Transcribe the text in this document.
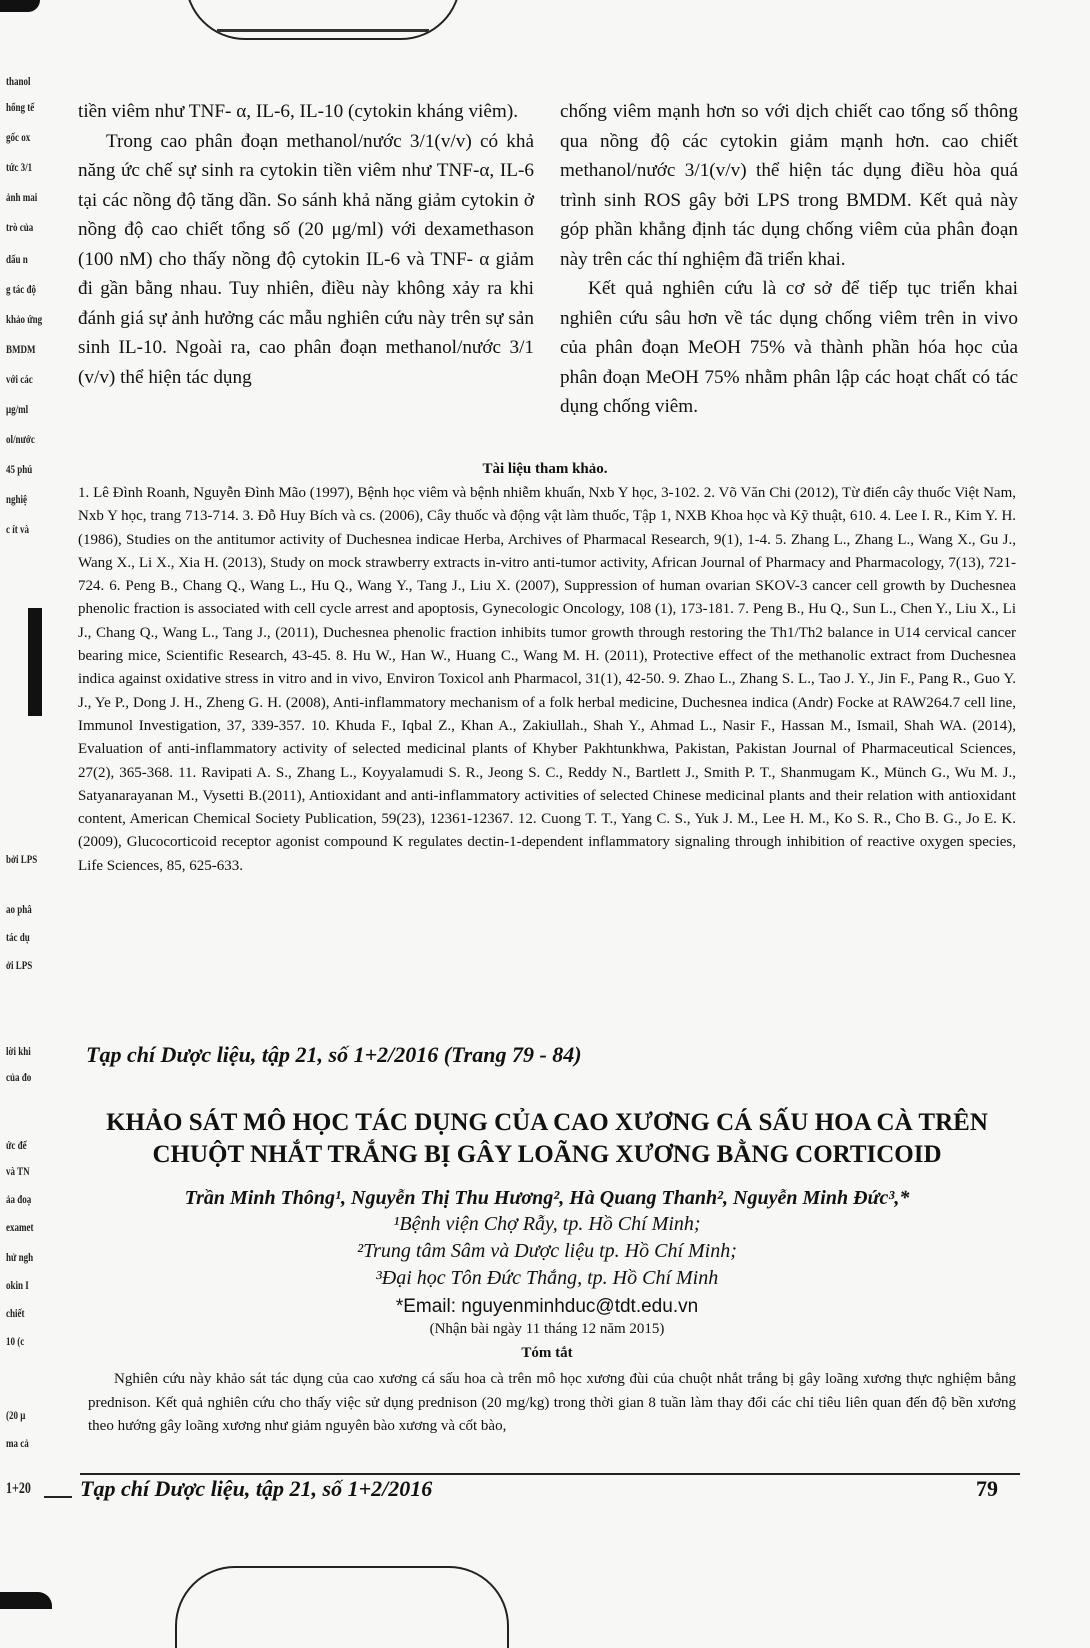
thanol
hổng tế
gốc ox
tức 3/1
ảnh mai
trò của
dấu n
g tác độ
khảo ứng
BMDM
với các
μg/ml
ol/nước
45 phú
nghiệ
c ít và
bởi LPS
ao phâ
tác dụ
ởi LPS
lời khi
của đo
ức đế
và TN
ảa đoạ
examet
hử ngh
okin I
chiết
10 (c
(20 μ
ma cả
1+20

tiền viêm như TNF- α, IL-6, IL-10 (cytokin kháng viêm).

Trong cao phân đoạn methanol/nước 3/1(v/v) có khả năng ức chế sự sinh ra cytokin tiền viêm như TNF-α, IL-6 tại các nồng độ tăng dần. So sánh khả năng giảm cytokin ở nồng độ cao chiết tổng số (20 μg/ml) với dexamethason (100 nM) cho thấy nồng độ cytokin IL-6 và TNF- α giảm đi gần bằng nhau. Tuy nhiên, điều này không xảy ra khi đánh giá sự ảnh hưởng các mẫu nghiên cứu này trên sự sản sinh IL-10. Ngoài ra, cao phân đoạn methanol/nước 3/1 (v/v) thể hiện tác dụng

chống viêm mạnh hơn so với dịch chiết cao tổng số thông qua nồng độ các cytokin giảm mạnh hơn. cao chiết methanol/nước 3/1(v/v) thể hiện tác dụng điều hòa quá trình sinh ROS gây bởi LPS trong BMDM. Kết quả này góp phần khẳng định tác dụng chống viêm của phân đoạn này trên các thí nghiệm đã triển khai.

Kết quả nghiên cứu là cơ sở để tiếp tục triển khai nghiên cứu sâu hơn về tác dụng chống viêm trên in vivo của phân đoạn MeOH 75% và thành phần hóa học của phân đoạn MeOH 75% nhằm phân lập các hoạt chất có tác dụng chống viêm.

Tài liệu tham khảo.

1. Lê Đình Roanh, Nguyễn Đình Mão (1997), Bệnh học viêm và bệnh nhiễm khuẩn, Nxb Y học, 3-102. 2. Võ Văn Chi (2012), Từ điển cây thuốc Việt Nam, Nxb Y học, trang 713-714. 3. Đỗ Huy Bích và cs. (2006), Cây thuốc và động vật làm thuốc, Tập 1, NXB Khoa học và Kỹ thuật, 610. 4. Lee I. R., Kim Y. H. (1986), Studies on the antitumor activity of Duchesnea indicae Herba, Archives of Pharmacal Research, 9(1), 1-4. 5. Zhang L., Zhang L., Wang X., Gu J., Wang X., Li X., Xia H. (2013), Study on mock strawberry extracts in-vitro anti-tumor activity, African Journal of Pharmacy and Pharmacology, 7(13), 721-724. 6. Peng B., Chang Q., Wang L., Hu Q., Wang Y., Tang J., Liu X. (2007), Suppression of human ovarian SKOV-3 cancer cell growth by Duchesnea phenolic fraction is associated with cell cycle arrest and apoptosis, Gynecologic Oncology, 108 (1), 173-181. 7. Peng B., Hu Q., Sun L., Chen Y., Liu X., Li J., Chang Q., Wang L., Tang J., (2011), Duchesnea phenolic fraction inhibits tumor growth through restoring the Th1/Th2 balance in U14 cervical cancer bearing mice, Scientific Research, 43-45. 8. Hu W., Han W., Huang C., Wang M. H. (2011), Protective effect of the methanolic extract from Duchesnea indica against oxidative stress in vitro and in vivo, Environ Toxicol anh Pharmacol, 31(1), 42-50. 9. Zhao L., Zhang S. L., Tao J. Y., Jin F., Pang R., Guo Y. J., Ye P., Dong J. H., Zheng G. H. (2008), Anti-inflammatory mechanism of a folk herbal medicine, Duchesnea indica (Andr) Focke at RAW264.7 cell line, Immunol Investigation, 37, 339-357. 10. Khuda F., Iqbal Z., Khan A., Zakiullah., Shah Y., Ahmad L., Nasir F., Hassan M., Ismail, Shah WA. (2014), Evaluation of anti-inflammatory activity of selected medicinal plants of Khyber Pakhtunkhwa, Pakistan, Pakistan Journal of Pharmaceutical Sciences, 27(2), 365-368. 11. Ravipati A. S., Zhang L., Koyyalamudi S. R., Jeong S. C., Reddy N., Bartlett J., Smith P. T., Shanmugam K., Münch G., Wu M. J., Satyanarayanan M., Vysetti B.(2011), Antioxidant and anti-inflammatory activities of selected Chinese medicinal plants and their relation with antioxidant content, American Chemical Society Publication, 59(23), 12361-12367. 12. Cuong T. T., Yang C. S., Yuk J. M., Lee H. M., Ko S. R., Cho B. G., Jo E. K. (2009), Glucocorticoid receptor agonist compound K regulates dectin-1-dependent inflammatory signaling through inhibition of reactive oxygen species, Life Sciences, 85, 625-633.

Tạp chí Dược liệu, tập 21, số 1+2/2016 (Trang 79 - 84)

KHẢO SÁT MÔ HỌC TÁC DỤNG CỦA CAO XƯƠNG CÁ SẤU HOA CÀ TRÊN CHUỘT NHẮT TRẮNG BỊ GÂY LOÃNG XƯƠNG BẰNG CORTICOID
Trần Minh Thông¹, Nguyễn Thị Thu Hương², Hà Quang Thanh², Nguyễn Minh Đức³,*
¹Bệnh viện Chợ Rẫy, tp. Hồ Chí Minh;
²Trung tâm Sâm và Dược liệu tp. Hồ Chí Minh;
³Đại học Tôn Đức Thắng, tp. Hồ Chí Minh
*Email: nguyenminhduc@tdt.edu.vn
(Nhận bài ngày 11 tháng 12 năm 2015)
Tóm tắt

Nghiên cứu này khảo sát tác dụng của cao xương cá sấu hoa cà trên mô học xương đùi của chuột nhắt trắng bị gây loãng xương thực nghiệm bằng prednison. Kết quả nghiên cứu cho thấy việc sử dụng prednison (20 mg/kg) trong thời gian 8 tuần làm thay đổi các chỉ tiêu liên quan đến độ bền xương theo hướng gây loãng xương như giảm nguyên bào xương và cốt bào,

Tạp chí Dược liệu, tập 21, số 1+2/2016	79
